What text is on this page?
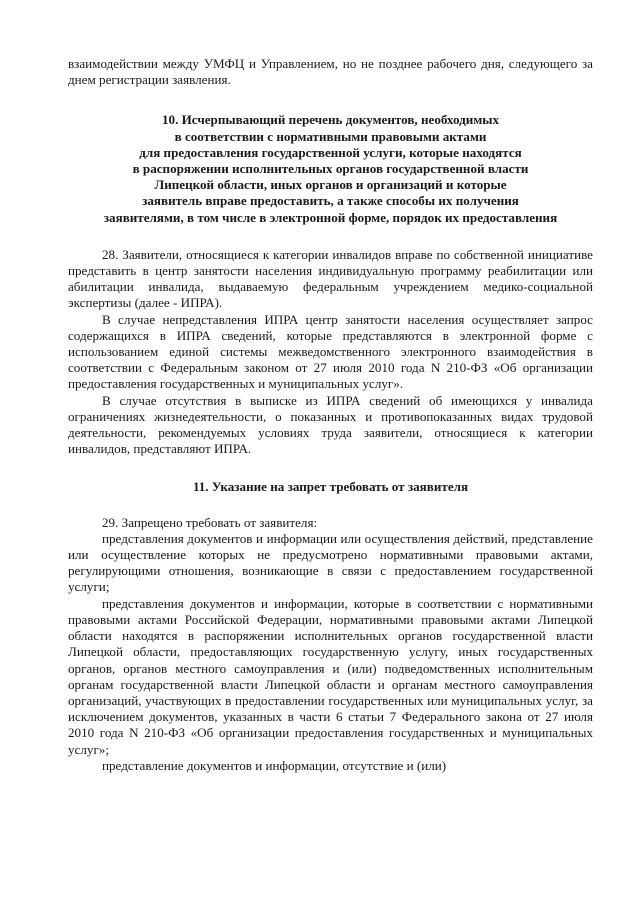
взаимодействии между УМФЦ и Управлением, но не позднее рабочего дня, следующего за днем регистрации заявления.

10. Исчерпывающий перечень документов, необходимых
в соответствии с нормативными правовыми актами
для предоставления государственной услуги, которые находятся
в распоряжении исполнительных органов государственной власти
Липецкой области, иных органов и организаций и которые
заявитель вправе предоставить, а также способы их получения
заявителями, в том числе в электронной форме, порядок их предоставления

28. Заявители, относящиеся к категории инвалидов вправе по собственной инициативе представить в центр занятости населения индивидуальную программу реабилитации или абилитации инвалида, выдаваемую федеральным учреждением медико-социальной экспертизы (далее - ИПРА).

В случае непредставления ИПРА центр занятости населения осуществляет запрос содержащихся в ИПРА сведений, которые представляются в электронной форме с использованием единой системы межведомственного электронного взаимодействия в соответствии с Федеральным законом от 27 июля 2010 года N 210-ФЗ «Об организации предоставления государственных и муниципальных услуг».

В случае отсутствия в выписке из ИПРА сведений об имеющихся у инвалида ограничениях жизнедеятельности, о показанных и противопоказанных видах трудовой деятельности, рекомендуемых условиях труда заявители, относящиеся к категории инвалидов, представляют ИПРА.

11. Указание на запрет требовать от заявителя

29. Запрещено требовать от заявителя:

представления документов и информации или осуществления действий, представление или осуществление которых не предусмотрено нормативными правовыми актами, регулирующими отношения, возникающие в связи с предоставлением государственной услуги;

представления документов и информации, которые в соответствии с нормативными правовыми актами Российской Федерации, нормативными правовыми актами Липецкой области находятся в распоряжении исполнительных органов государственной власти Липецкой области, предоставляющих государственную услугу, иных государственных органов, органов местного самоуправления и (или) подведомственных исполнительным органам государственной власти Липецкой области и органам местного самоуправления организаций, участвующих в предоставлении государственных или муниципальных услуг, за исключением документов, указанных в части 6 статьи 7 Федерального закона от 27 июля 2010 года N 210-ФЗ «Об организации предоставления государственных и муниципальных услуг»;

представление документов и информации, отсутствие и (или)
